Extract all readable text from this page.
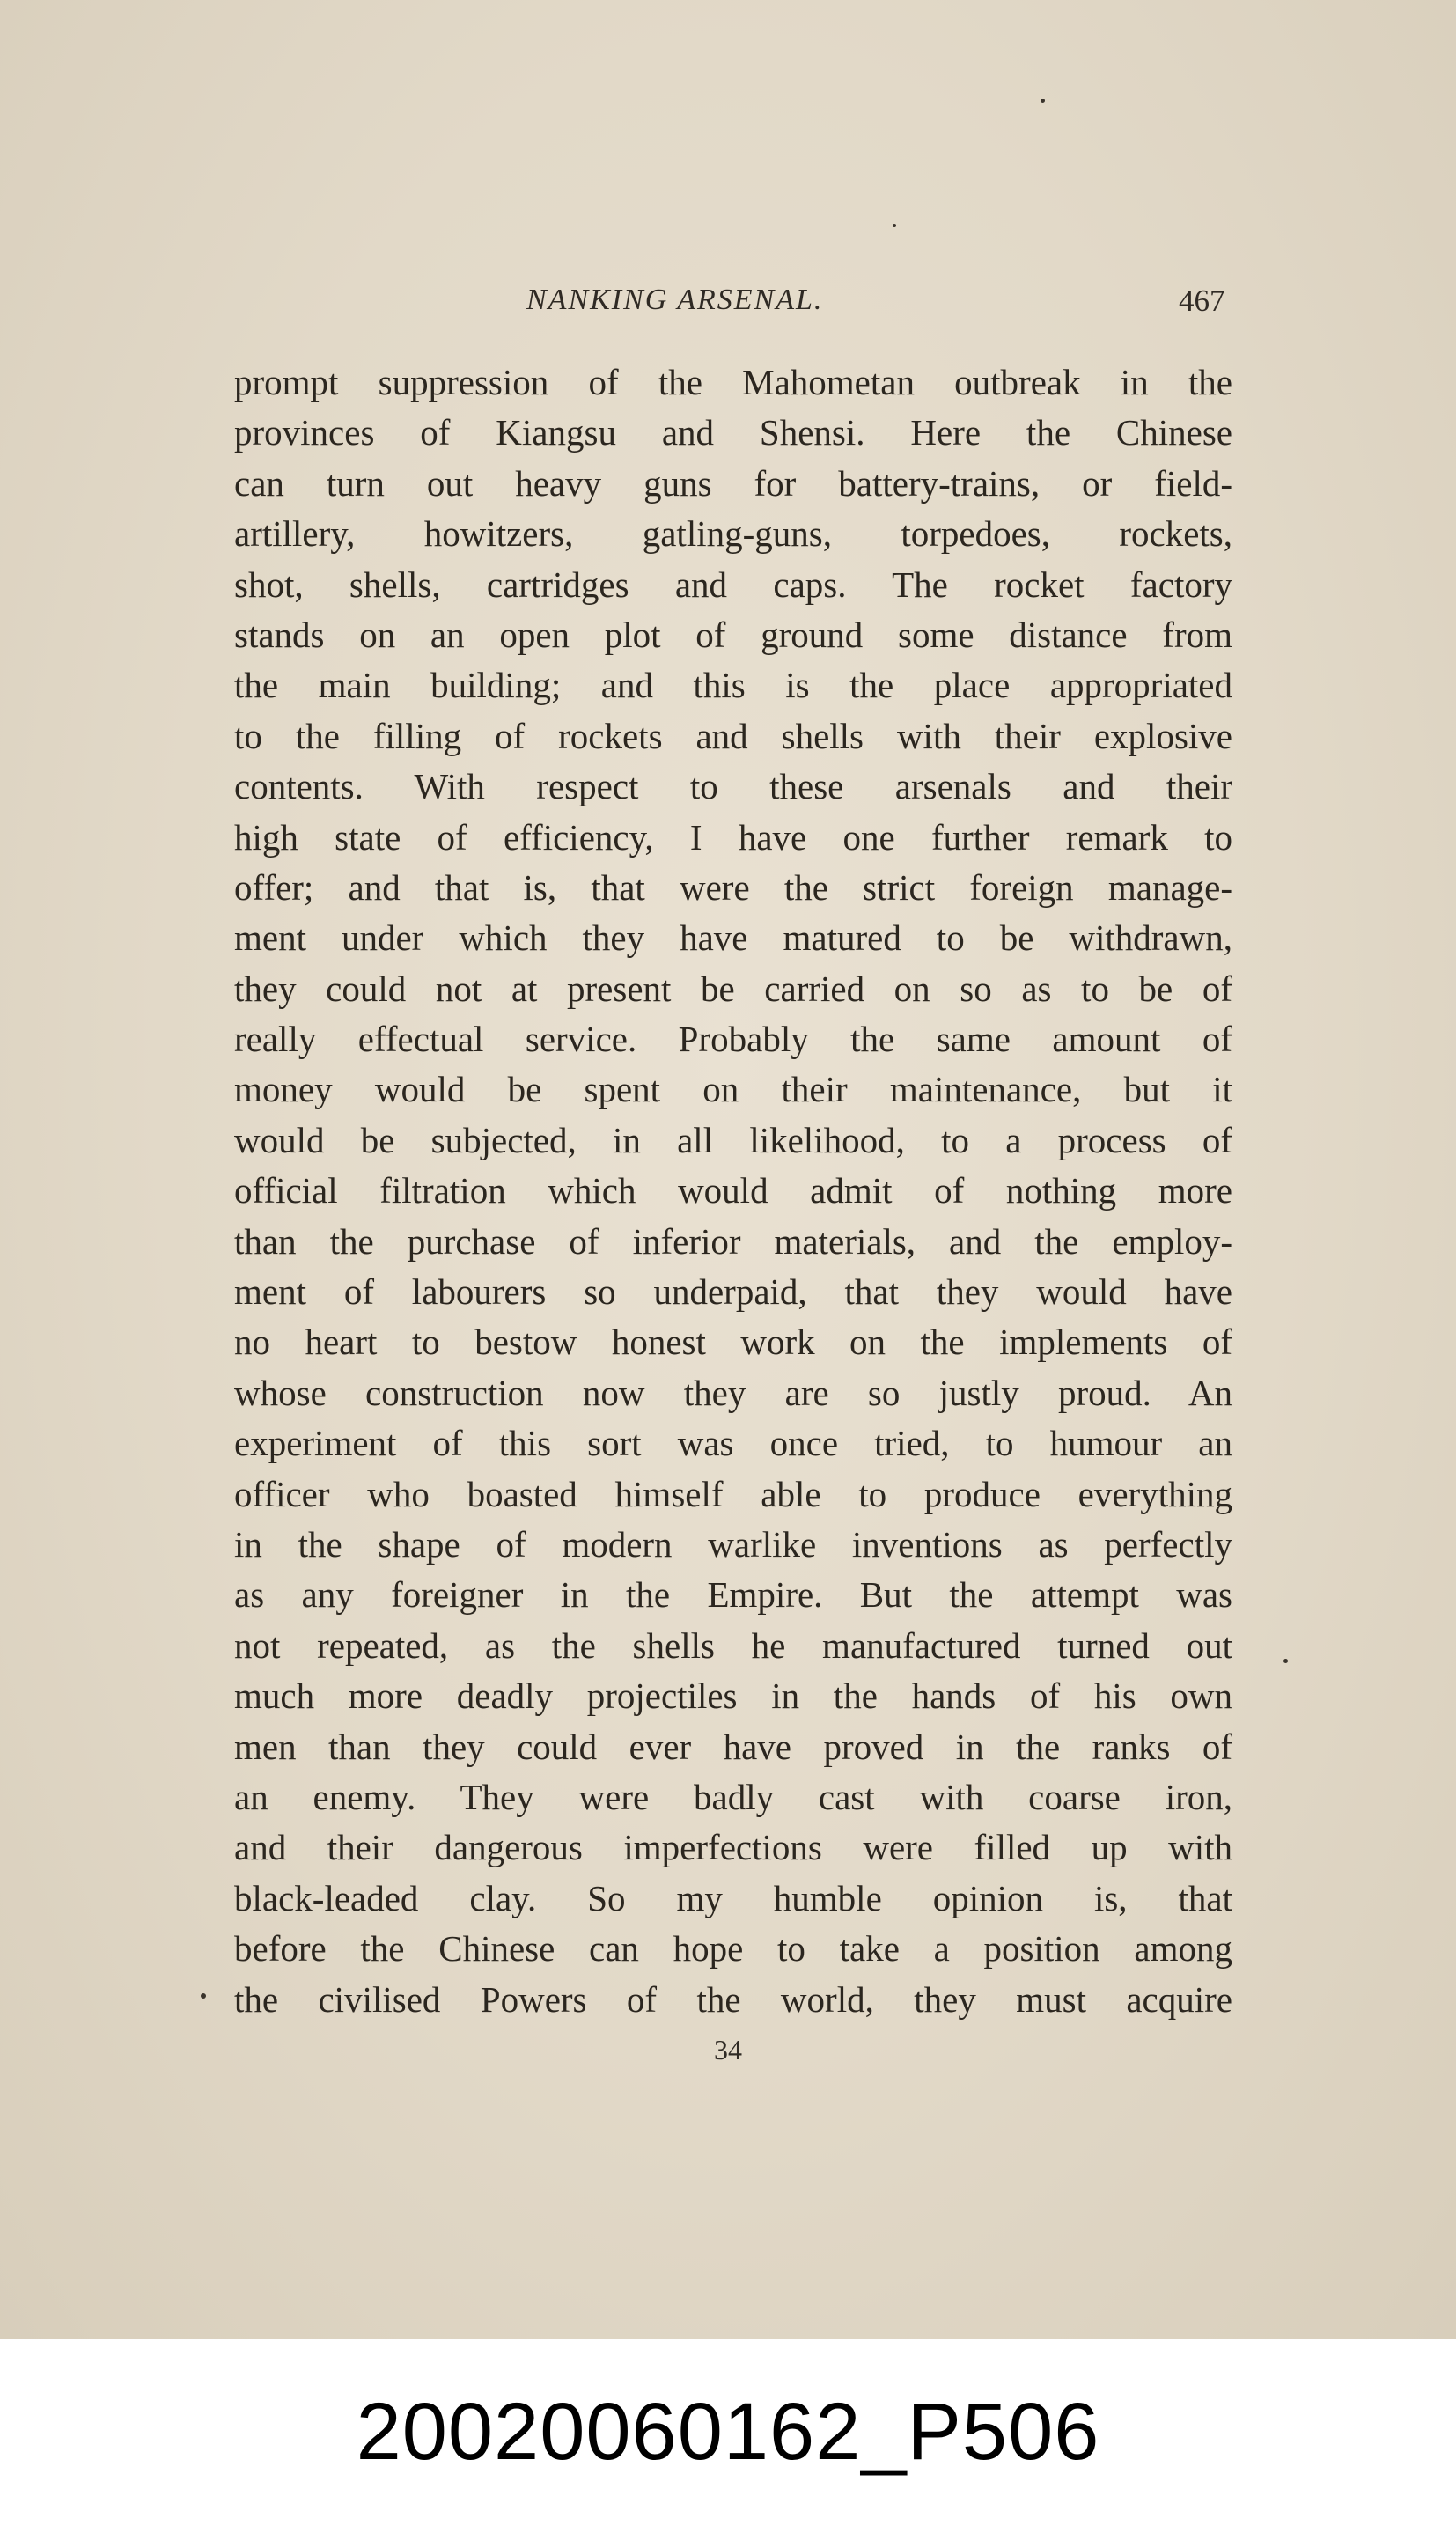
NANKING ARSENAL.	467
prompt suppression of the Mahometan outbreak in the
provinces of Kiangsu and Shensi. Here the Chinese
can turn out heavy guns for battery-trains, or field-
artillery, howitzers, gatling-guns, torpedoes, rockets,
shot, shells, cartridges and caps. The rocket factory
stands on an open plot of ground some distance from
the main building; and this is the place appropriated
to the filling of rockets and shells with their explosive
contents. With respect to these arsenals and their
high state of efficiency, I have one further remark to
offer; and that is, that were the strict foreign manage-
ment under which they have matured to be withdrawn,
they could not at present be carried on so as to be of
really effectual service. Probably the same amount of
money would be spent on their maintenance, but it
would be subjected, in all likelihood, to a process of
official filtration which would admit of nothing more
than the purchase of inferior materials, and the employ-
ment of labourers so underpaid, that they would have
no heart to bestow honest work on the implements of
whose construction now they are so justly proud. An
experiment of this sort was once tried, to humour an
officer who boasted himself able to produce everything
in the shape of modern warlike inventions as perfectly
as any foreigner in the Empire. But the attempt was
not repeated, as the shells he manufactured turned out
much more deadly projectiles in the hands of his own
men than they could ever have proved in the ranks of
an enemy. They were badly cast with coarse iron,
and their dangerous imperfections were filled up with
black-leaded clay. So my humble opinion is, that
before the Chinese can hope to take a position among
the civilised Powers of the world, they must acquire
34
20020060162_P506
